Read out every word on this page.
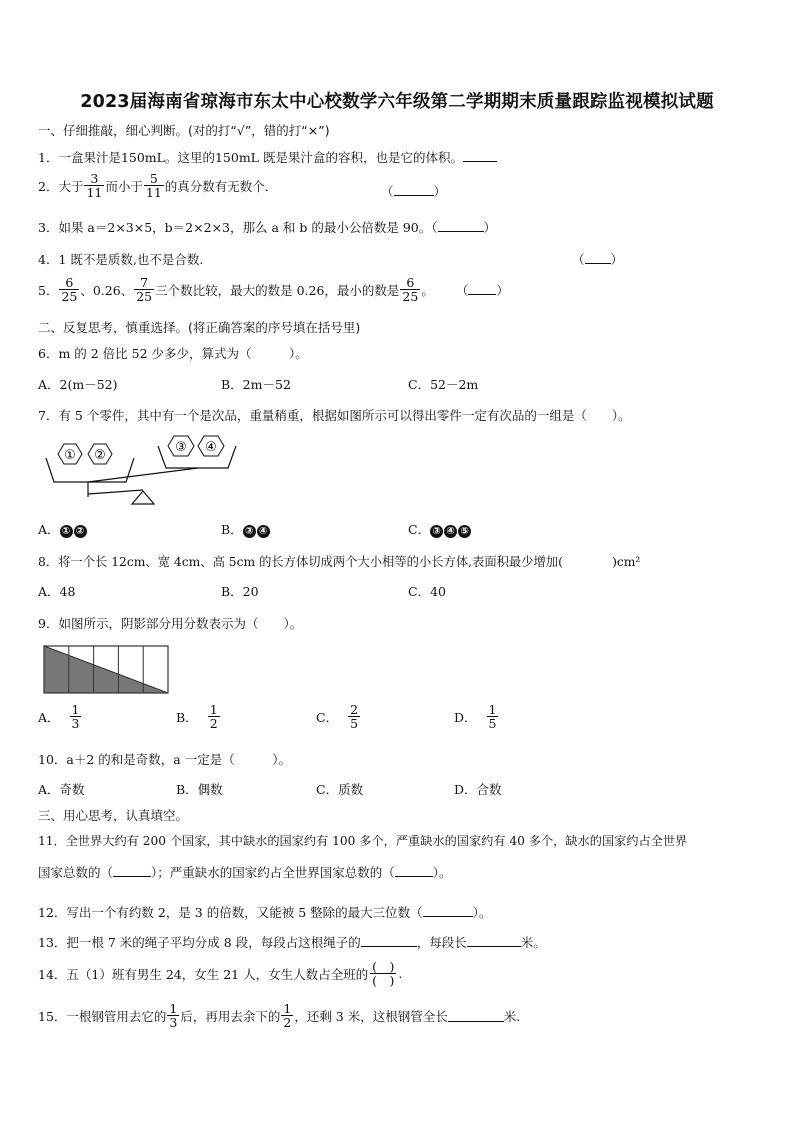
2023届海南省琼海市东太中心校数学六年级第二学期期末质量跟踪监视模拟试题
一、仔细推敲，细心判断。(对的打“√”，错的打“×”)
1．一盒果汁是150mL。这里的150mL 既是果汁盒的容积，也是它的体积。
2．大于 $\frac{3}{11}$ 而小于 $\frac{5}{11}$ 的真分数有无数个．	（	）
3．如果 a＝2×3×5，b＝2×2×3，那么 a 和 b 的最小公倍数是 90。（	）
4．1 既不是质数,也不是合数.	（ ）
5． $\frac{6}{25}$ 、0.26、 $\frac{7}{25}$ 三个数比较，最大的数是 0.26，最小的数是 $\frac{6}{25}$ 。 （ ）
二、反复思考，慎重选择。(将正确答案的序号填在括号里)
6．m 的 2 倍比 52 少多少，算式为（　　　）。
A．2(m－52)	B．2m－52	C．52－2m
7．有 5 个零件，其中有一个是次品，重量稍重，根据如图所示可以得出零件一定有次品的一组是（　　）。
① ②
③ ④
A． ① ②	B． ③ ④	C． ③ ④ ⑤
8．将一个长 12cm、宽 4cm、高 5cm 的长方体切成两个大小相等的小长方体,表面积最少增加(　　　　)cm²
A．48	B．20	C．40
9．如图所示，阴影部分用分数表示为（　　）。
A． $\frac{1}{3}$	B． $\frac{1}{2}$	C． $\frac{2}{5}$	D． $\frac{1}{5}$
10．a＋2 的和是奇数，a 一定是（　　　）。
A．奇数	B．偶数	C．质数	D．合数
三、用心思考，认真填空。
11．全世界大约有 200 个国家，其中缺水的国家约有 100 多个，严重缺水的国家约有 40 多个，缺水的国家约占全世界
国家总数的（	）；严重缺水的国家约占全世界国家总数的（	）。
12．写出一个有约数 2，是 3 的倍数，又能被 5 整除的最大三位数（	）。
13．把一根 7 米的绳子平均分成 8 段，每段占这根绳子的	，每段长	米。
14．五（1）班有男生 24，女生 21 人，女生人数占全班的 $\frac{( )}{( )}$ .
15．一根钢管用去它的 $\frac{1}{3}$ 后，再用去余下的 $\frac{1}{2}$ ，还剩 3 米，这根钢管全长	米.
